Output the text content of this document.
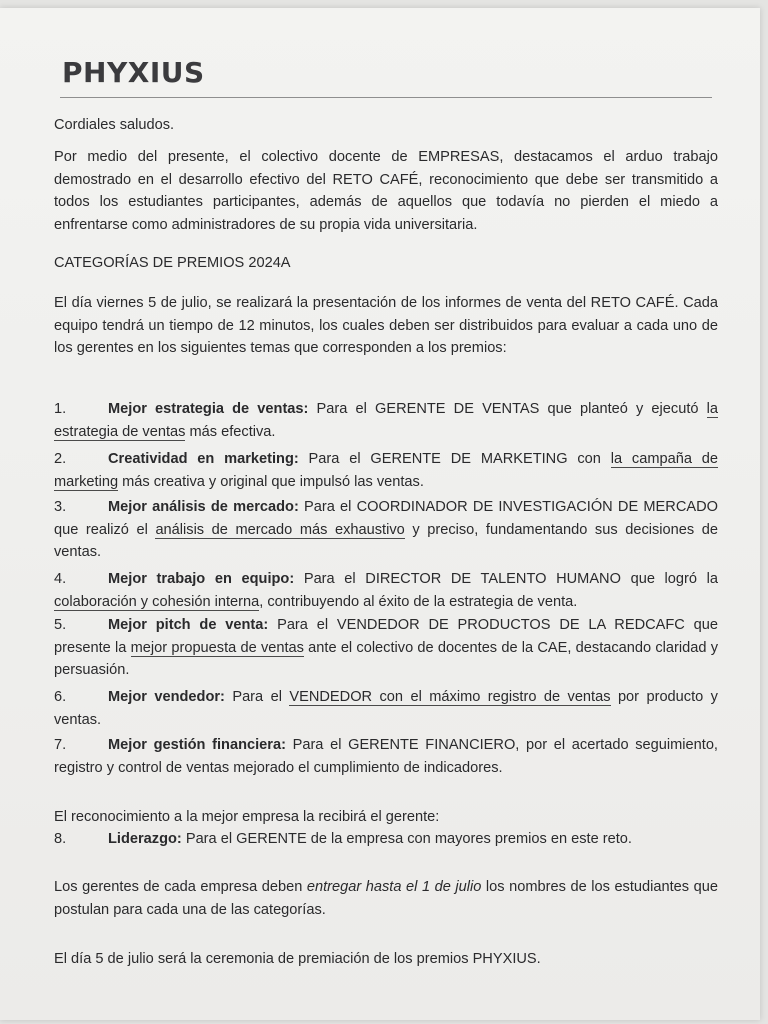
PHYXIUS

Cordiales saludos.

Por medio del presente, el colectivo docente de EMPRESAS, destacamos el arduo trabajo demostrado en el desarrollo efectivo del RETO CAFÉ, reconocimiento que debe ser transmitido a todos los estudiantes participantes, además de aquellos que todavía no pierden el miedo a enfrentarse como administradores de su propia vida universitaria.

CATEGORÍAS DE PREMIOS 2024A

El día viernes 5 de julio, se realizará la presentación de los informes de venta del RETO CAFÉ. Cada equipo tendrá un tiempo de 12 minutos, los cuales deben ser distribuidos para evaluar a cada uno de los gerentes en los siguientes temas que corresponden a los premios:

1.	Mejor estrategia de ventas: Para el GERENTE DE VENTAS que planteó y ejecutó la estrategia de ventas más efectiva.
2.	Creatividad en marketing: Para el GERENTE DE MARKETING con la campaña de marketing más creativa y original que impulsó las ventas.
3.	Mejor análisis de mercado: Para el COORDINADOR DE INVESTIGACIÓN DE MERCADO que realizó el análisis de mercado más exhaustivo y preciso, fundamentando sus decisiones de ventas.
4.	Mejor trabajo en equipo: Para el DIRECTOR DE TALENTO HUMANO que logró la colaboración y cohesión interna, contribuyendo al éxito de la estrategia de venta.
5.	Mejor pitch de venta: Para el VENDEDOR DE PRODUCTOS DE LA REDCAFC que presente la mejor propuesta de ventas ante el colectivo de docentes de la CAE, destacando claridad y persuasión.
6.	Mejor vendedor: Para el VENDEDOR con el máximo registro de ventas por producto y ventas.
7.	Mejor gestión financiera: Para el GERENTE FINANCIERO, por el acertado seguimiento, registro y control de ventas mejorado el cumplimiento de indicadores.

El reconocimiento a la mejor empresa la recibirá el gerente:

8.	Liderazgo: Para el GERENTE de la empresa con mayores premios en este reto.

Los gerentes de cada empresa deben entregar hasta el 1 de julio los nombres de los estudiantes que postulan para cada una de las categorías.

El día 5 de julio será la ceremonia de premiación de los premios PHYXIUS.
